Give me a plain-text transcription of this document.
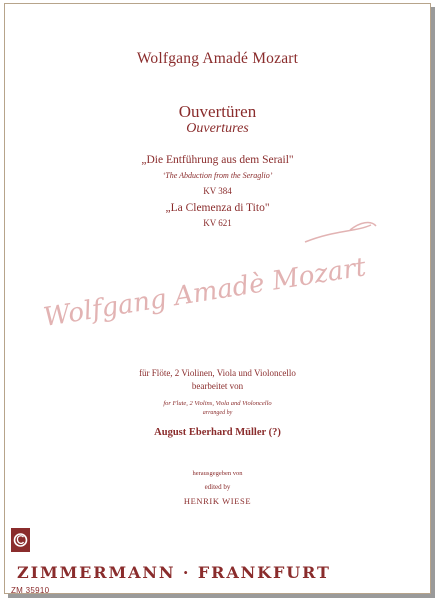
Wolfgang Amadé Mozart
Ouvertüren
Ouvertures
„Die Entführung aus dem Serail"
‘The Abduction from the Seraglio’
KV 384
„La Clemenza di Tito"
KV 621
Wolfgang Amadè Mozart
für Flöte, 2 Violinen, Viola und Violoncello
bearbeitet von
for Flute, 2 Violins, Viola and Violoncello
arranged by
August Eberhard Müller (?)
herausgegeben von
edited by
HENRIK WIESE
ZIMMERMANN · FRANKFURT
ZM 35910
